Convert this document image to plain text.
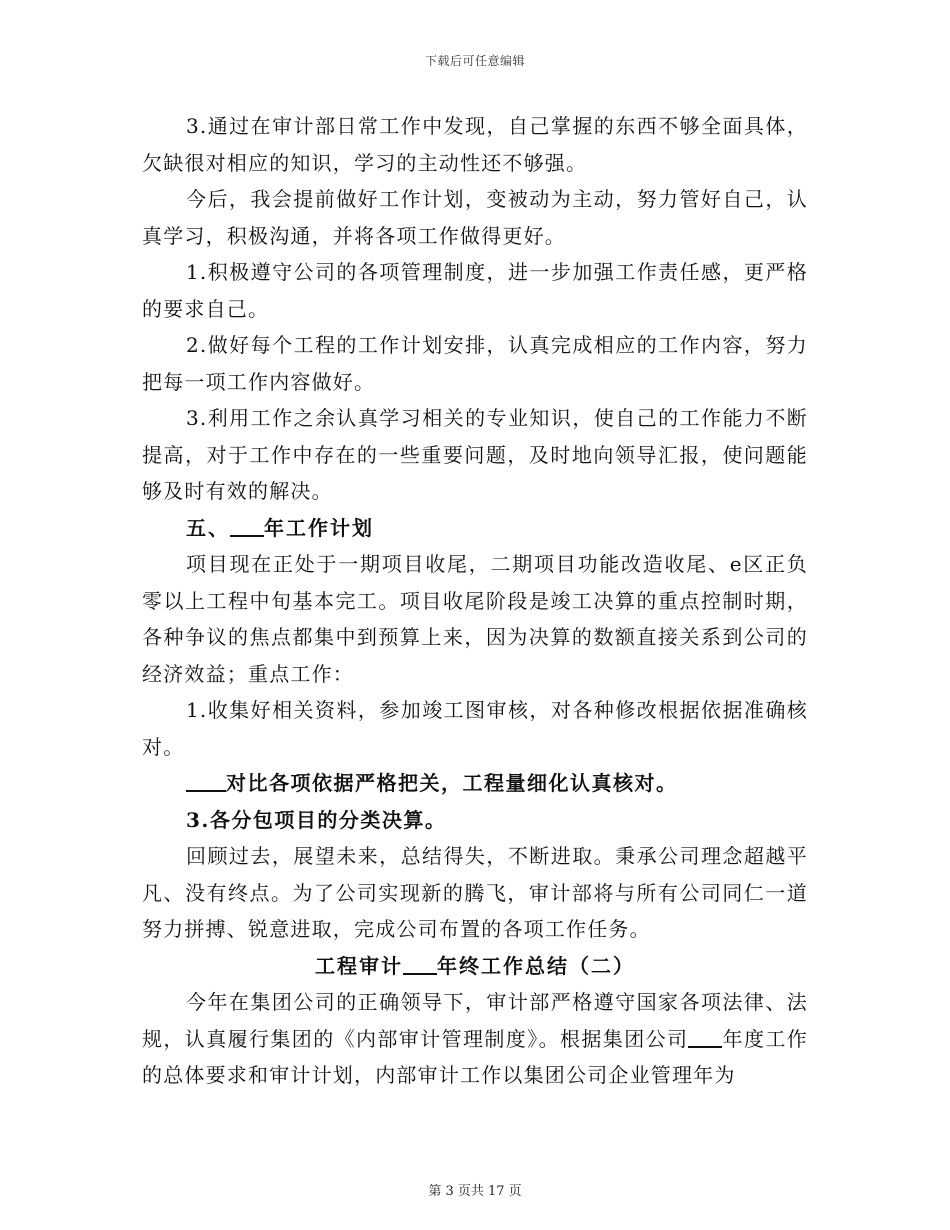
下载后可任意编辑

3.通过在审计部日常工作中发现，自己掌握的东西不够全面具体，欠缺很对相应的知识，学习的主动性还不够强。

今后，我会提前做好工作计划，变被动为主动，努力管好自己，认真学习，积极沟通，并将各项工作做得更好。

1.积极遵守公司的各项管理制度，进一步加强工作责任感，更严格的要求自己。

2.做好每个工程的工作计划安排，认真完成相应的工作内容，努力把每一项工作内容做好。

3.利用工作之余认真学习相关的专业知识，使自己的工作能力不断提高，对于工作中存在的一些重要问题，及时地向领导汇报，使问题能够及时有效的解决。

五、 年工作计划

项目现在正处于一期项目收尾，二期项目功能改造收尾、e区正负零以上工程中旬基本完工。项目收尾阶段是竣工决算的重点控制时期，各种争议的焦点都集中到预算上来，因为决算的数额直接关系到公司的经济效益；重点工作：

1.收集好相关资料，参加竣工图审核，对各种修改根据依据准确核对。

对比各项依据严格把关，工程量细化认真核对。

3.各分包项目的分类决算。

回顾过去，展望未来，总结得失，不断进取。秉承公司理念超越平凡、没有终点。为了公司实现新的腾飞，审计部将与所有公司同仁一道努力拼搏、锐意进取，完成公司布置的各项工作任务。

工程审计 年终工作总结（二）

今年在集团公司的正确领导下，审计部严格遵守国家各项法律、法规，认真履行集团的《内部审计管理制度》。根据集团公司 年度工作的总体要求和审计计划，内部审计工作以集团公司企业管理年为

第 3 页共 17 页
